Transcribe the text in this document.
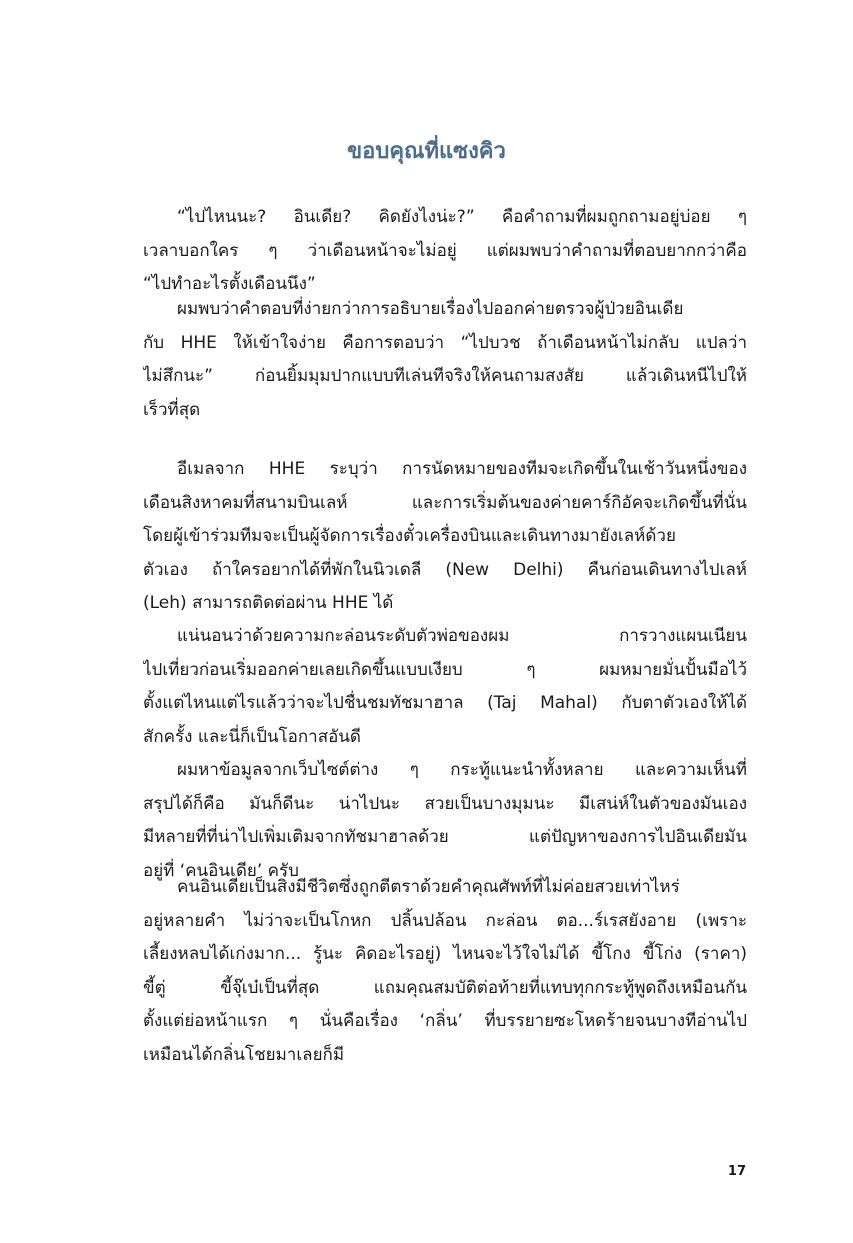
ขอบคุณที่แซงคิว

“ไปไหนนะ? อินเดีย? คิดยังไงน่ะ?” คือคำถามที่ผมถูกถามอยู่บ่อย ๆ
เวลาบอกใคร ๆ ว่าเดือนหน้าจะไม่อยู่ แต่ผมพบว่าคำถามที่ตอบยากกว่าคือ
“ไปทำอะไรตั้งเดือนนึง”

ผมพบว่าคำตอบที่ง่ายกว่าการอธิบายเรื่องไปออกค่ายตรวจผู้ป่วยอินเดีย
กับ HHE ให้เข้าใจง่าย คือการตอบว่า “ไปบวช ถ้าเดือนหน้าไม่กลับ แปลว่า
ไม่สึกนะ” ก่อนยิ้มมุมปากแบบทีเล่นทีจริงให้คนถามสงสัย แล้วเดินหนีไปให้
เร็วที่สุด

อีเมลจาก HHE ระบุว่า การนัดหมายของทีมจะเกิดขึ้นในเช้าวันหนึ่งของ
เดือนสิงหาคมที่สนามบินเลห์ และการเริ่มต้นของค่ายคาร์กิอัคจะเกิดขึ้นที่นั่น
โดยผู้เข้าร่วมทีมจะเป็นผู้จัดการเรื่องตั๋วเครื่องบินและเดินทางมายังเลห์ด้วย
ตัวเอง ถ้าใครอยากได้ที่พักในนิวเดลี (New Delhi) คืนก่อนเดินทางไปเลห์
(Leh) สามารถติดต่อผ่าน HHE ได้

แน่นอนว่าด้วยความกะล่อนระดับตัวพ่อของผม การวางแผนเนียน
ไปเที่ยวก่อนเริ่มออกค่ายเลยเกิดขึ้นแบบเงียบ ๆ ผมหมายมั่นปั้นมือไว้
ตั้งแต่ไหนแต่ไรแล้วว่าจะไปชื่นชมทัชมาฮาล (Taj Mahal) กับตาตัวเองให้ได้
สักครั้ง และนี่ก็เป็นโอกาสอันดี

ผมหาข้อมูลจากเว็บไซต์ต่าง ๆ กระทู้แนะนำทั้งหลาย และความเห็นที่
สรุปได้ก็คือ มันก็ดีนะ น่าไปนะ สวยเป็นบางมุมนะ มีเสน่ห์ในตัวของมันเอง
มีหลายที่ที่น่าไปเพิ่มเติมจากทัชมาฮาลด้วย แต่ปัญหาของการไปอินเดียมัน
อยู่ที่ ‘คนอินเดีย’ ครับ

คนอินเดียเป็นสิ่งมีชีวิตซึ่งถูกตีตราด้วยคำคุณศัพท์ที่ไม่ค่อยสวยเท่าไหร่
อยู่หลายคำ ไม่ว่าจะเป็นโกหก ปลิ้นปล้อน กะล่อน ตอ...ร์เรสยังอาย (เพราะ
เลี้ยงหลบได้เก่งมาก... รู้นะ คิดอะไรอยู่) ไหนจะไว้ใจไม่ได้ ขี้โกง ขี้โก่ง (ราคา)
ขี้ตู่ ขี้จุ๊เบ๋เป็นที่สุด แถมคุณสมบัติต่อท้ายที่แทบทุกกระทู้พูดถึงเหมือนกัน
ตั้งแต่ย่อหน้าแรก ๆ นั่นคือเรื่อง ‘กลิ่น’ ที่บรรยายซะโหดร้ายจนบางทีอ่านไป
เหมือนได้กลิ่นโชยมาเลยก็มี

17
